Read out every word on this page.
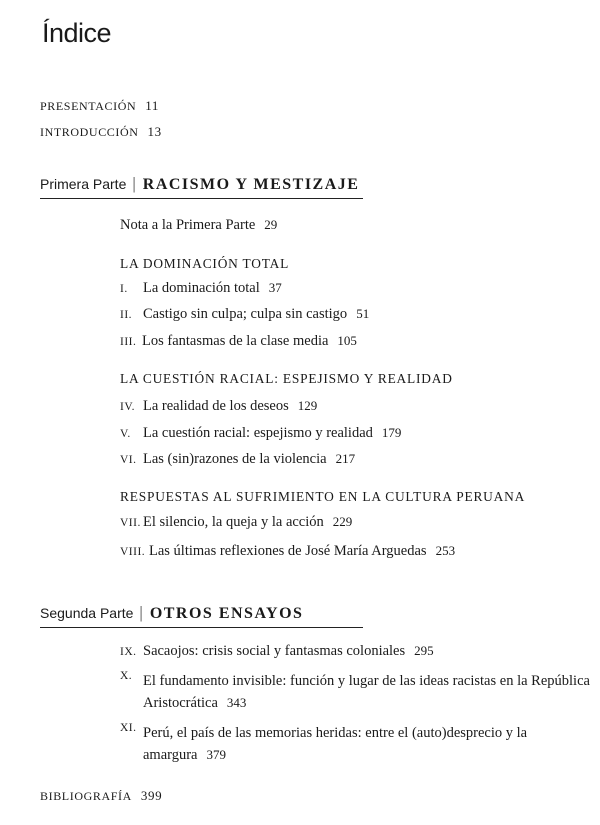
Índice
PRESENTACIÓN 11
INTRODUCCIÓN 13
Primera Parte | RACISMO Y MESTIZAJE
Nota a la Primera Parte 29
LA DOMINACIÓN TOTAL
I. La dominación total 37
II. Castigo sin culpa; culpa sin castigo 51
III. Los fantasmas de la clase media 105
LA CUESTIÓN RACIAL: ESPEJISMO Y REALIDAD
IV. La realidad de los deseos 129
V. La cuestión racial: espejismo y realidad 179
VI. Las (sin)razones de la violencia 217
RESPUESTAS AL SUFRIMIENTO EN LA CULTURA PERUANA
VII. El silencio, la queja y la acción 229
VIII. Las últimas reflexiones de José María Arguedas 253
Segunda Parte | OTROS ENSAYOS
IX. Sacaojos: crisis social y fantasmas coloniales 295
X. El fundamento invisible: función y lugar de las ideas racistas en la República Aristocrática 343
XI. Perú, el país de las memorias heridas: entre el (auto)desprecio y la amargura 379
BIBLIOGRAFÍA 399
